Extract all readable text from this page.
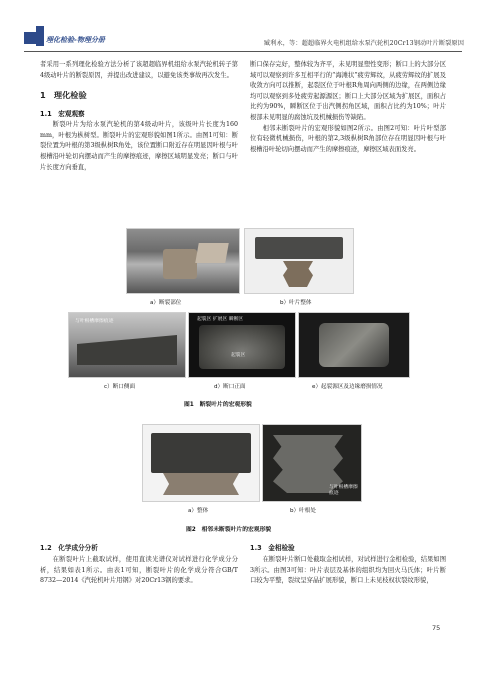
理化检验-物理分册	臧利永，等：超超临界火电机组给水泵汽轮机20Cr13钢动叶片断裂原因

者采用一系列理化检验方法分析了该超超临界机组给水泵汽轮机转子第4级动叶片的断裂原因，并提出改进建议，以避免该类事故再次发生。

1　理化检验
1.1　宏观观察

断裂叶片为给水泵汽轮机的第4级动叶片，该级叶片长度为160 mm，叶根为枞树型。断裂叶片的宏观形貌如图1所示。由图1可知：断裂位置为叶根的第3级枞树R角处，该位置断口附近存在明显因叶根与叶根槽沿叶轮切向摆动而产生的摩擦痕迹，摩擦区域明显发亮；断口与叶片长度方向垂直，

断口保存完好，整体较为齐平，未见明显塑性变形；断口上的大部分区域可以观察到许多互相平行的“海滩状”疲劳辉纹，从疲劳辉纹的扩展及收敛方向可以推断，起裂区位于叶根R角周向两侧的边缘，在两侧边缘均可以观察到多处疲劳起源源区；断口上大部分区域为扩展区，面积占比约为90%，瞬断区位于出汽侧拐角区域，面积占比约为10%；叶片根部未见明显的腐蚀坑及机械损伤等缺陷。

相邻未断裂叶片的宏观形貌如图2所示。由图2可知：叶片叶型部位有轻微机械损伤，叶根的第2,3级枞树R角部位存在明显因叶根与叶根槽沿叶轮切向摆动而产生的摩擦痕迹，摩擦区域表面发亮。

a）断裂部位	b）叶片整体
与叶根槽摩擦痕迹	起裂区 扩展区 瞬断区
起裂区
c）断口侧面	d）断口正面	e）起裂源区及边缘磨损情况
图1　断裂叶片的宏观形貌
与叶根槽摩擦痕迹
a）整体	b）叶根处
图2　相邻未断裂叶片的宏观形貌
1.2　化学成分分析

在断裂叶片上截取试样，使用直读光谱仪对试样进行化学成分分析，结果如表1所示。由表1可知，断裂叶片的化学成分符合GB/T 8732—2014《汽轮机叶片用钢》对20Cr13钢的要求。

1.3　金相检验

在断裂叶片断口处截取金相试样，对试样进行金相检验，结果如图3所示。由图3可知：叶片表层及基体的组织均为回火马氏体；叶片断口较为平整，裂纹呈穿晶扩展形貌，断口上未见枝权状裂纹形貌，

75
